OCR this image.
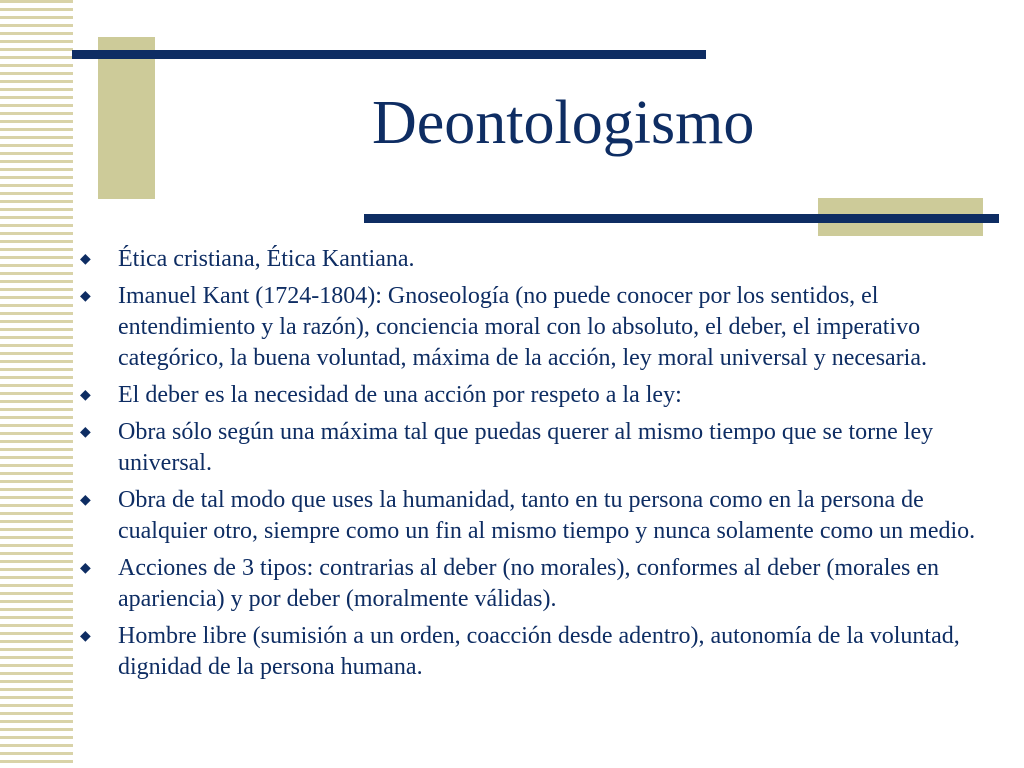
Deontologismo
◆ Ética cristiana, Ética Kantiana.
◆ Imanuel Kant (1724-1804): Gnoseología (no puede conocer por los sentidos, el entendimiento y la razón), conciencia moral con lo absoluto, el deber, el imperativo categórico, la buena voluntad, máxima de la acción, ley moral universal y necesaria.
◆ El deber es la necesidad de una acción por respeto a la ley:
◆ Obra sólo según una máxima tal que puedas querer al mismo tiempo que se torne ley universal.
◆ Obra de tal modo que uses la humanidad, tanto en tu persona como en la persona de cualquier otro, siempre como un fin al mismo tiempo y nunca solamente como un medio.
◆ Acciones de 3 tipos: contrarias al deber (no morales), conformes al deber (morales en apariencia) y por deber (moralmente válidas).
◆ Hombre libre (sumisión a un orden, coacción desde adentro), autonomía de la voluntad, dignidad de la persona humana.
